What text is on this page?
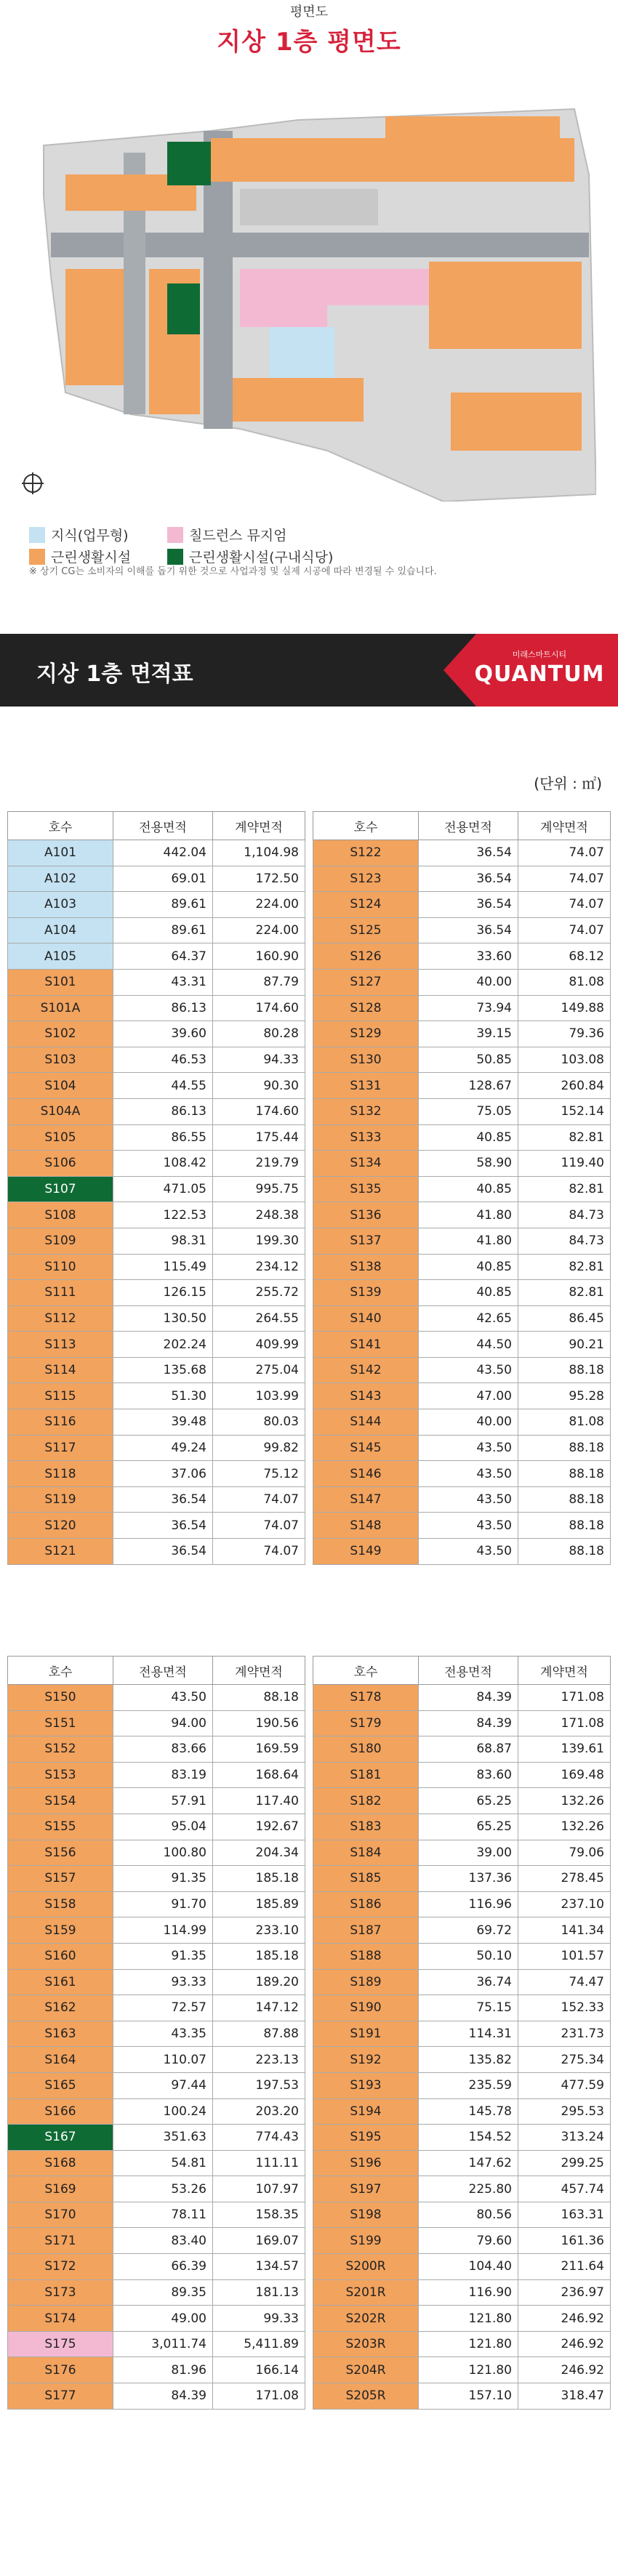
평면도
지상 1층 평면도
지식(업무형)	칠드런스 뮤지엄
근린생활시설	근린생활시설(구내식당)
※ 상기 CG는 소비자의 이해를 돕기 위한 것으로 사업과정 및 실제 시공에 따라 변경될 수 있습니다.
지상 1층 면적표
미래스마트시티
QUANTUM
(단위 : ㎡)
호수	전용면적	계약면적
A101	442.04	1,104.98
A102	69.01	172.50
A103	89.61	224.00
A104	89.61	224.00
A105	64.37	160.90
S101	43.31	87.79
S101A	86.13	174.60
S102	39.60	80.28
S103	46.53	94.33
S104	44.55	90.30
S104A	86.13	174.60
S105	86.55	175.44
S106	108.42	219.79
S107	471.05	995.75
S108	122.53	248.38
S109	98.31	199.30
S110	115.49	234.12
S111	126.15	255.72
S112	130.50	264.55
S113	202.24	409.99
S114	135.68	275.04
S115	51.30	103.99
S116	39.48	80.03
S117	49.24	99.82
S118	37.06	75.12
S119	36.54	74.07
S120	36.54	74.07
S121	36.54	74.07
호수	전용면적	계약면적
S122	36.54	74.07
S123	36.54	74.07
S124	36.54	74.07
S125	36.54	74.07
S126	33.60	68.12
S127	40.00	81.08
S128	73.94	149.88
S129	39.15	79.36
S130	50.85	103.08
S131	128.67	260.84
S132	75.05	152.14
S133	40.85	82.81
S134	58.90	119.40
S135	40.85	82.81
S136	41.80	84.73
S137	41.80	84.73
S138	40.85	82.81
S139	40.85	82.81
S140	42.65	86.45
S141	44.50	90.21
S142	43.50	88.18
S143	47.00	95.28
S144	40.00	81.08
S145	43.50	88.18
S146	43.50	88.18
S147	43.50	88.18
S148	43.50	88.18
S149	43.50	88.18
호수	전용면적	계약면적
S150	43.50	88.18
S151	94.00	190.56
S152	83.66	169.59
S153	83.19	168.64
S154	57.91	117.40
S155	95.04	192.67
S156	100.80	204.34
S157	91.35	185.18
S158	91.70	185.89
S159	114.99	233.10
S160	91.35	185.18
S161	93.33	189.20
S162	72.57	147.12
S163	43.35	87.88
S164	110.07	223.13
S165	97.44	197.53
S166	100.24	203.20
S167	351.63	774.43
S168	54.81	111.11
S169	53.26	107.97
S170	78.11	158.35
S171	83.40	169.07
S172	66.39	134.57
S173	89.35	181.13
S174	49.00	99.33
S175	3,011.74	5,411.89
S176	81.96	166.14
S177	84.39	171.08
호수	전용면적	계약면적
S178	84.39	171.08
S179	84.39	171.08
S180	68.87	139.61
S181	83.60	169.48
S182	65.25	132.26
S183	65.25	132.26
S184	39.00	79.06
S185	137.36	278.45
S186	116.96	237.10
S187	69.72	141.34
S188	50.10	101.57
S189	36.74	74.47
S190	75.15	152.33
S191	114.31	231.73
S192	135.82	275.34
S193	235.59	477.59
S194	145.78	295.53
S195	154.52	313.24
S196	147.62	299.25
S197	225.80	457.74
S198	80.56	163.31
S199	79.60	161.36
S200R	104.40	211.64
S201R	116.90	236.97
S202R	121.80	246.92
S203R	121.80	246.92
S204R	121.80	246.92
S205R	157.10	318.47
